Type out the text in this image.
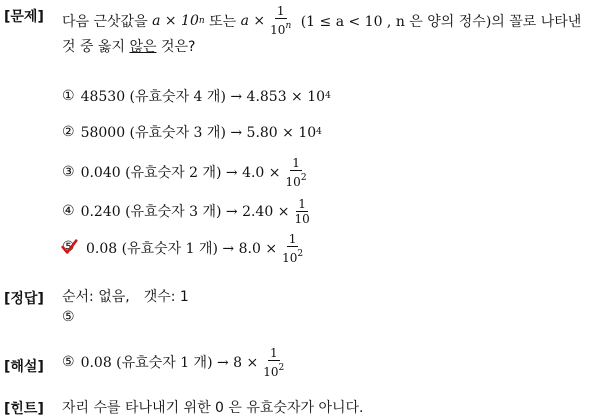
[문제]
[정답]
[해설]
[힌트]
다음 근삿값을
a × 10 n
또는
$a \times \frac{1}{10^n}$
(1 ≤ a < 10 , n 은 양의 정수)의 꼴로 나타낸
것 중 옳지 않은 것은?
① 48530 (유효숫자 4 개) → 4.853 × 10 4
② 58000 (유효숫자 3 개) → 5.80 × 10 4
③ 0.040 (유효숫자 2 개) → $4.0 \times \frac{1}{10^2}$
④ 0.240 (유효숫자 3 개) → $2.40 \times \frac{1}{10}$
⑤ 0.08 (유효숫자 1 개) → $8.0 \times \frac{1}{10^2}$
순서: 없음,　갯수: 1
⑤
⑤ 0.08 (유효숫자 1 개) → $8 \times \frac{1}{10^2}$
자리 수를 타나내기 위한 0 은 유효숫자가 아니다.
